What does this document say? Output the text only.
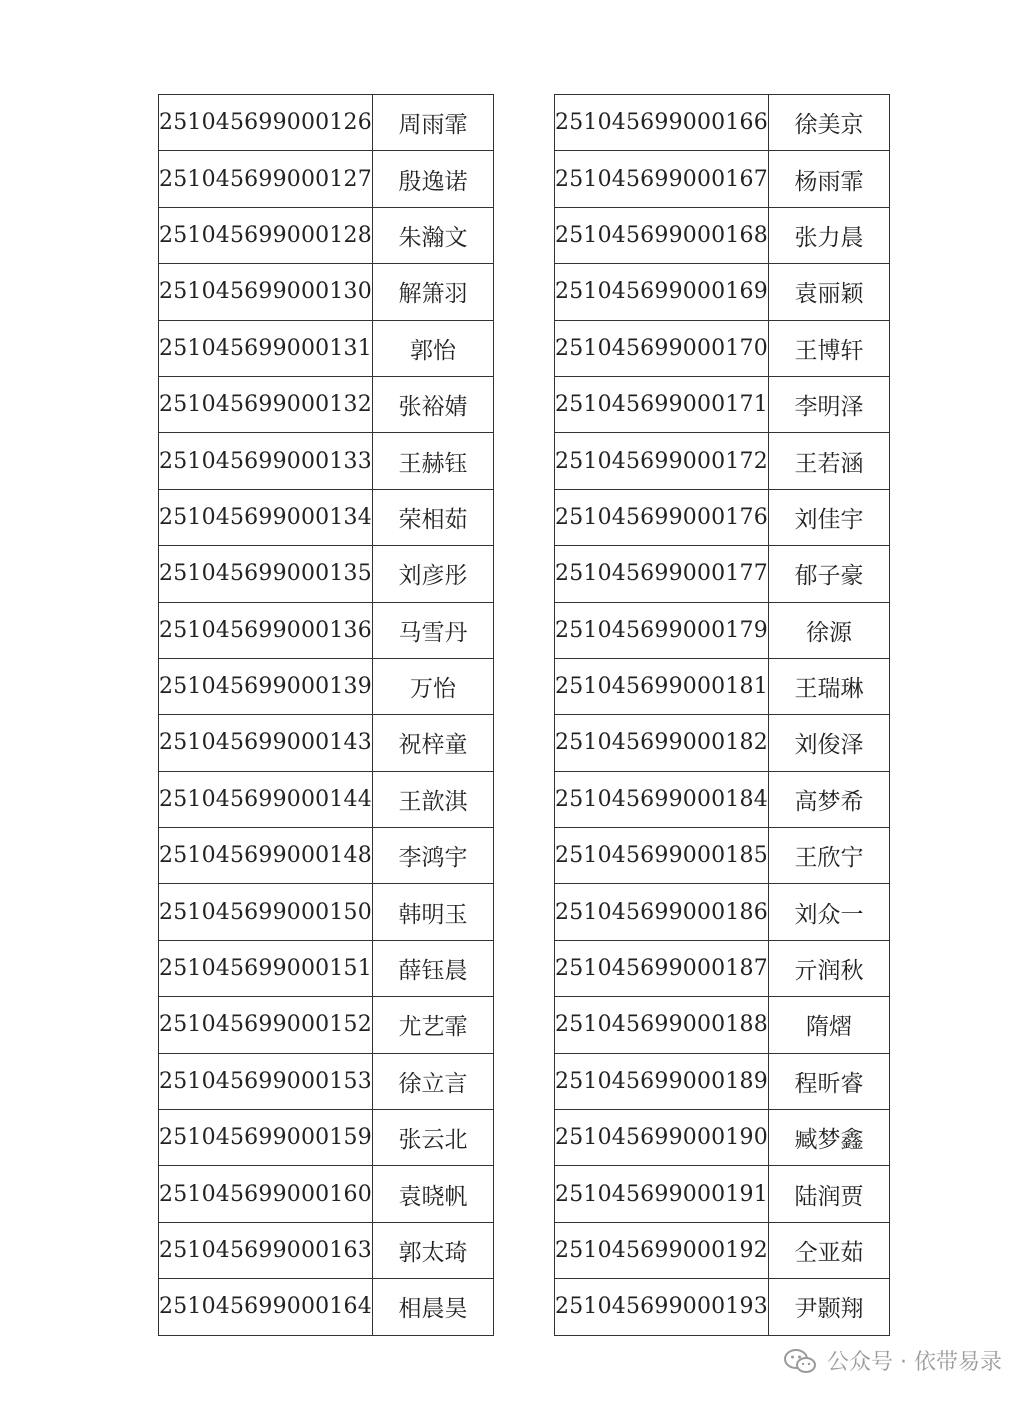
251045699000126	周雨霏
251045699000127	殷逸诺
251045699000128	朱瀚文
251045699000130	解箫羽
251045699000131	郭怡
251045699000132	张裕婧
251045699000133	王赫钰
251045699000134	荣相茹
251045699000135	刘彦彤
251045699000136	马雪丹
251045699000139	万怡
251045699000143	祝梓童
251045699000144	王歆淇
251045699000148	李鸿宇
251045699000150	韩明玉
251045699000151	薛钰晨
251045699000152	尤艺霏
251045699000153	徐立言
251045699000159	张云北
251045699000160	袁晓帆
251045699000163	郭太琦
251045699000164	相晨昊
251045699000166	徐美京
251045699000167	杨雨霏
251045699000168	张力晨
251045699000169	袁丽颖
251045699000170	王博轩
251045699000171	李明泽
251045699000172	王若涵
251045699000176	刘佳宇
251045699000177	郁子豪
251045699000179	徐源
251045699000181	王瑞琳
251045699000182	刘俊泽
251045699000184	高梦希
251045699000185	王欣宁
251045699000186	刘众一
251045699000187	亓润秋
251045699000188	隋熠
251045699000189	程昕睿
251045699000190	臧梦鑫
251045699000191	陆润贾
251045699000192	仝亚茹
251045699000193	尹颢翔
公众号 · 依带易录
